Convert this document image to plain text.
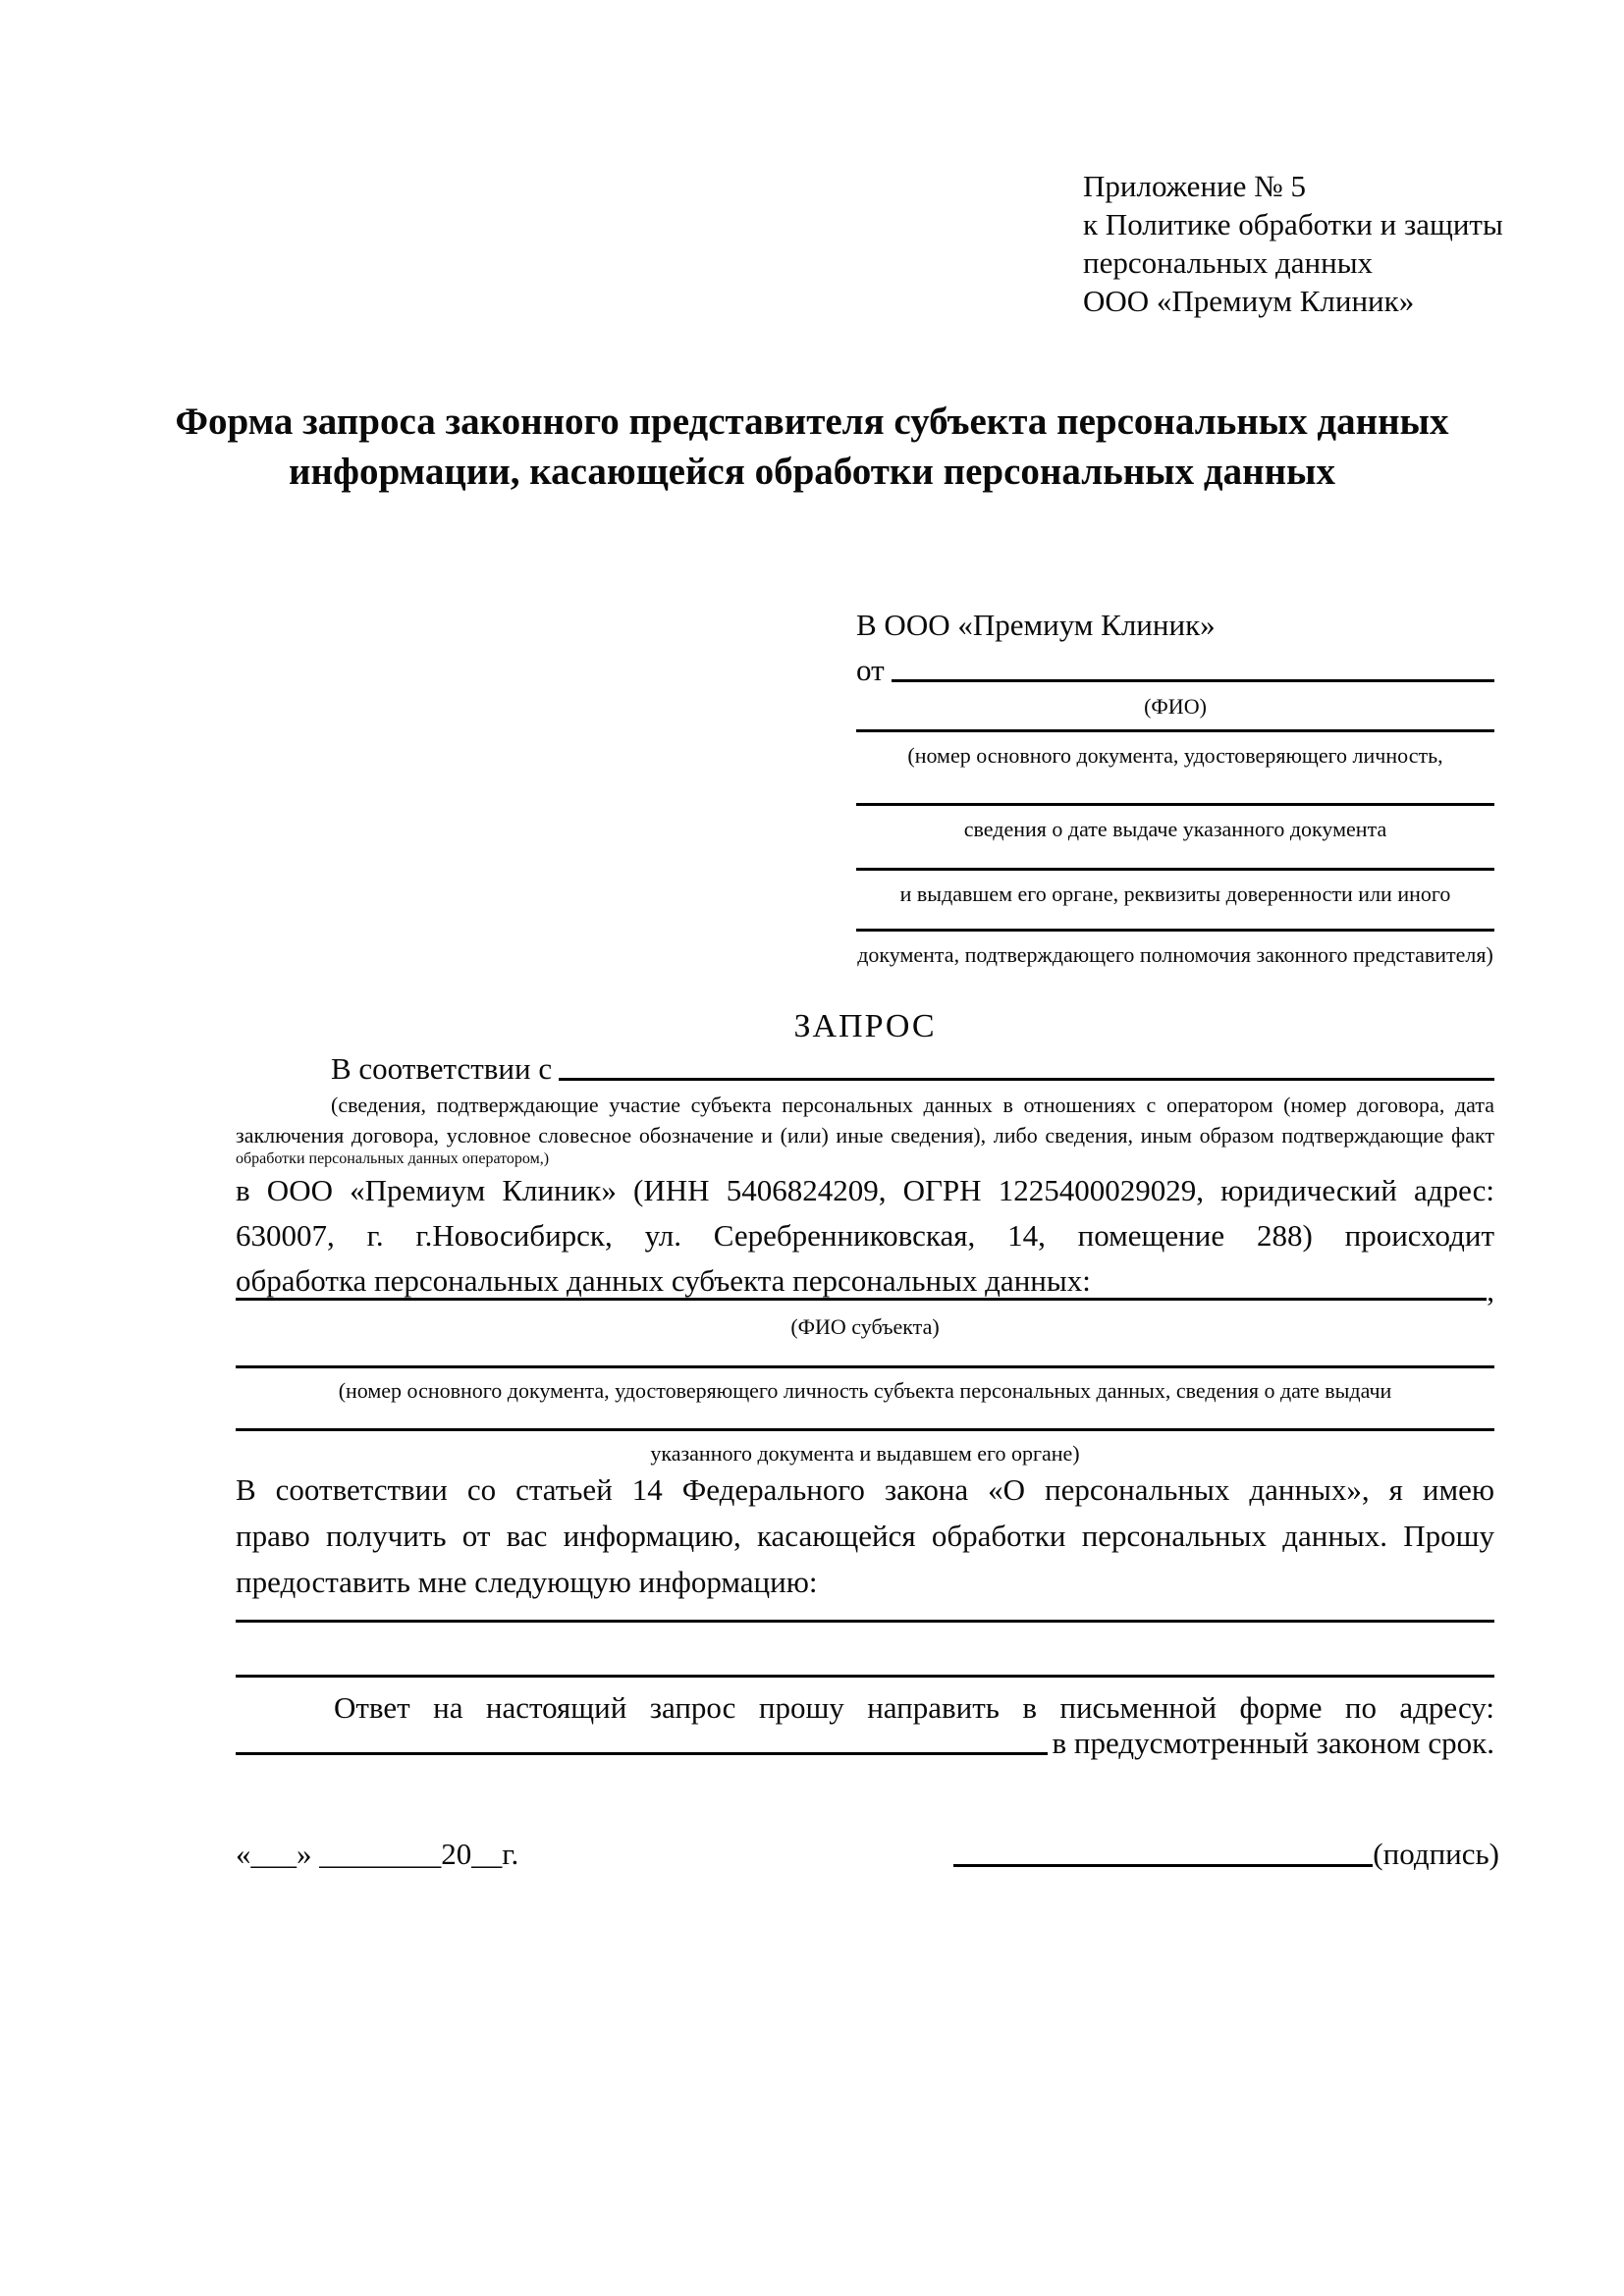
Приложение № 5
к Политике обработки и защиты
персональных данных
ООО «Премиум Клиник»
Форма запроса законного представителя субъекта персональных данных
информации, касающейся обработки персональных данных
В ООО «Премиум Клиник»
от
(ФИО)
(номер основного документа, удостоверяющего личность,
сведения о дате выдаче указанного документа
и выдавшем его органе, реквизиты доверенности или иного
документа, подтверждающего полномочия законного представителя)
ЗАПРОС
В соответствии с
(сведения, подтверждающие участие субъекта персональных данных в отношениях с оператором (номер договора, дата
заключения договора, условное словесное обозначение и (или) иные сведения), либо сведения, иным образом подтверждающие факт
обработки персональных данных оператором,)
в ООО «Премиум Клиник» (ИНН 5406824209, ОГРН 1225400029029, юридический адрес:
630007, г. г.Новосибирск, ул. Серебренниковская, 14, помещение 288) происходит
обработка персональных данных субъекта персональных данных:	,
(ФИО субъекта)
(номер основного документа, удостоверяющего личность субъекта персональных данных, сведения о дате выдачи
указанного документа и выдавшем его органе)
В соответствии со статьей 14 Федерального закона «О персональных данных», я имею
право получить от вас информацию, касающейся обработки персональных данных. Прошу
предоставить мне следующую информацию:
Ответ на настоящий запрос прошу направить в письменной форме по адресу:
в предусмотренный законом срок.
«___» ________20__г.	(подпись)
